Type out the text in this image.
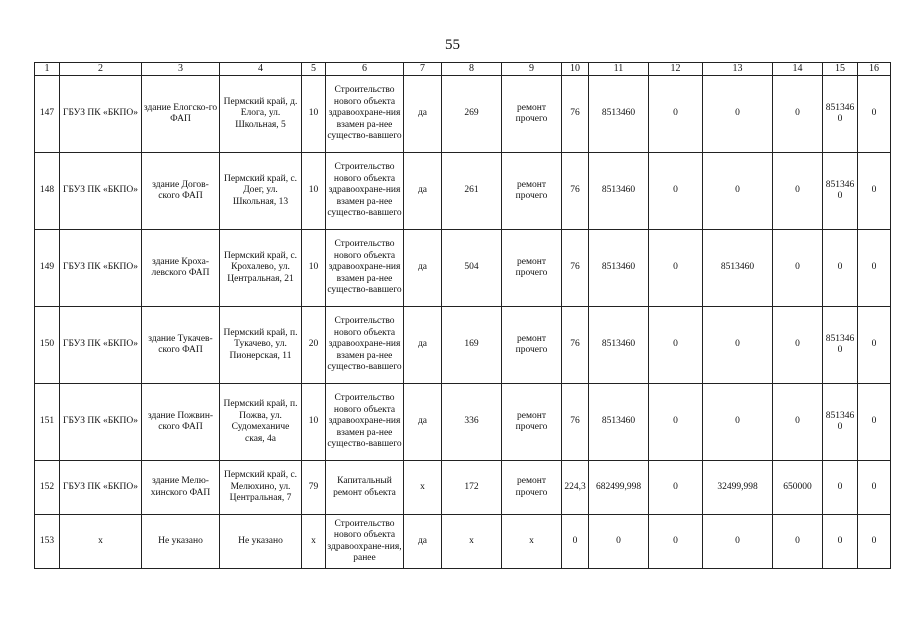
55
1	2	3	4	5	6	7	8	9	10	11	12	13	14	15	16
147	ГБУЗ ПК «БКПО»	здание Елогско-го ФАП	Пермский край, д. Елога, ул. Школьная, 5	10	Строительство нового объекта здравоохране-ния взамен ра-нее существо-вавшего	да	269	ремонт прочего	76	8513460	0	0	0	851346 0	0
148	ГБУЗ ПК «БКПО»	здание Догов-ского ФАП	Пермский край, с. Доег, ул. Школьная, 13	10	Строительство нового объекта здравоохране-ния взамен ра-нее существо-вавшего	да	261	ремонт прочего	76	8513460	0	0	0	851346 0	0
149	ГБУЗ ПК «БКПО»	здание Кроха-левского ФАП	Пермский край, с. Крохалево, ул. Центральная, 21	10	Строительство нового объекта здравоохране-ния взамен ра-нее существо-вавшего	да	504	ремонт прочего	76	8513460	0	8513460	0	0	0
150	ГБУЗ ПК «БКПО»	здание Тукачев-ского ФАП	Пермский край, п. Тукачево, ул. Пионерская, 11	20	Строительство нового объекта здравоохране-ния взамен ра-нее существо-вавшего	да	169	ремонт прочего	76	8513460	0	0	0	851346 0	0
151	ГБУЗ ПК «БКПО»	здание Пожвин-ского ФАП	Пермский край, п. Пожва, ул. Судомеханиче ская, 4а	10	Строительство нового объекта здравоохране-ния взамен ра-нее существо-вавшего	да	336	ремонт прочего	76	8513460	0	0	0	851346 0	0
152	ГБУЗ ПК «БКПО»	здание Мелю-хинского ФАП	Пермский край, с. Мелюхино, ул. Центральная, 7	79	Капитальный ремонт объекта	х	172	ремонт прочего	224,3	682499,998	0	32499,998	650000	0	0
153	х	Не указано	Не указано	х	Строительство нового объекта здравоохране-ния, ранее	да	х	х	0	0	0	0	0	0	0
